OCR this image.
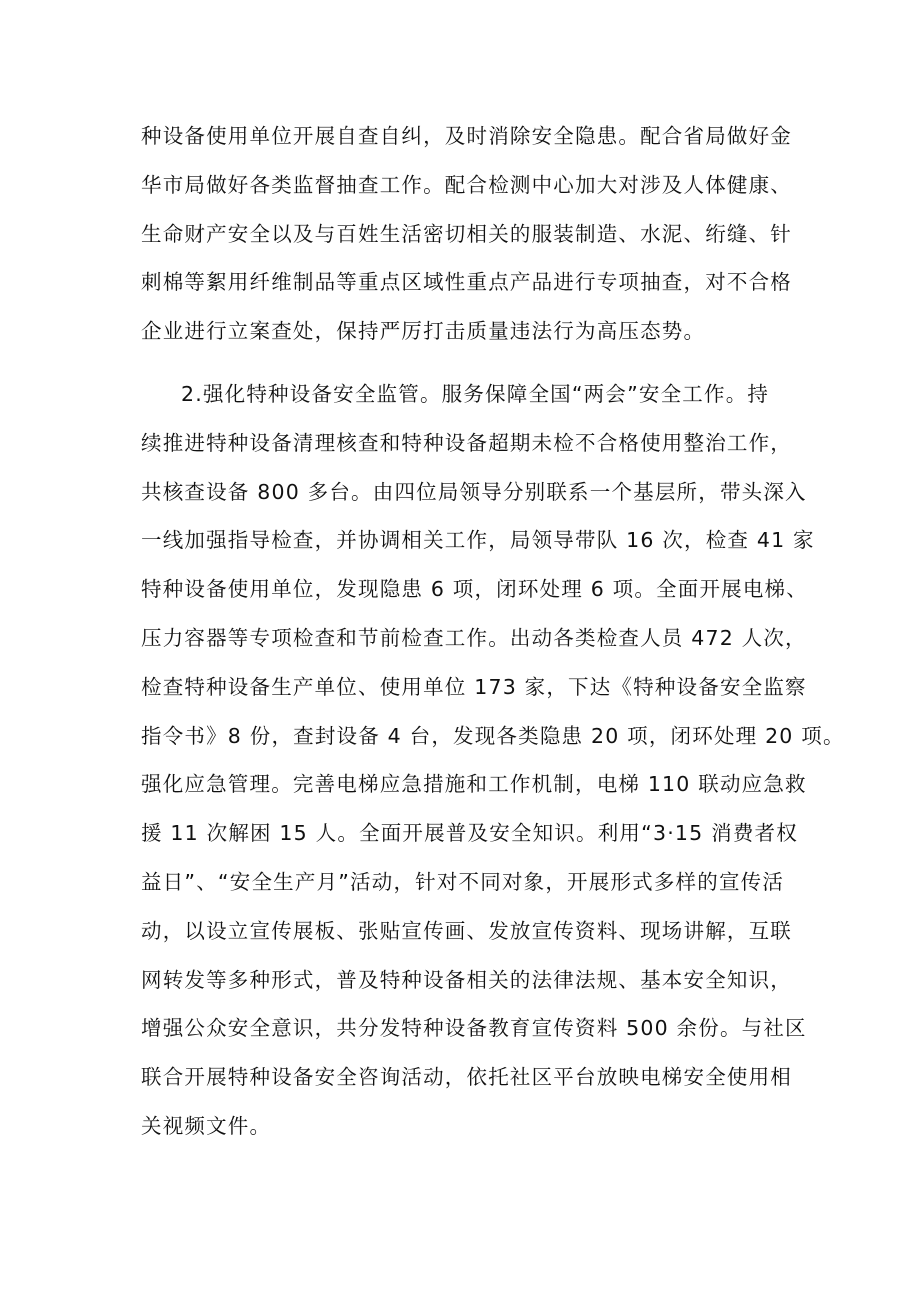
种设备使用单位开展自查自纠，及时消除安全隐患。配合省局做好金
华市局做好各类监督抽查工作。配合检测中心加大对涉及人体健康、
生命财产安全以及与百姓生活密切相关的服装制造、水泥、绗缝、针
刺棉等絮用纤维制品等重点区域性重点产品进行专项抽查，对不合格
企业进行立案查处，保持严厉打击质量违法行为高压态势。
2.强化特种设备安全监管。服务保障全国“两会”安全工作。持
续推进特种设备清理核查和特种设备超期未检不合格使用整治工作，
共核查设备 800 多台。由四位局领导分别联系一个基层所，带头深入
一线加强指导检查，并协调相关工作，局领导带队 16 次，检查 41 家
特种设备使用单位，发现隐患 6 项，闭环处理 6 项。全面开展电梯、
压力容器等专项检查和节前检查工作。出动各类检查人员 472 人次，
检查特种设备生产单位、使用单位 173 家，下达《特种设备安全监察
指令书》8 份，查封设备 4 台，发现各类隐患 20 项，闭环处理 20 项。
强化应急管理。完善电梯应急措施和工作机制，电梯 110 联动应急救
援 11 次解困 15 人。全面开展普及安全知识。利用“3·15 消费者权
益日”、“安全生产月”活动，针对不同对象，开展形式多样的宣传活
动，以设立宣传展板、张贴宣传画、发放宣传资料、现场讲解，互联
网转发等多种形式，普及特种设备相关的法律法规、基本安全知识，
增强公众安全意识，共分发特种设备教育宣传资料 500 余份。与社区
联合开展特种设备安全咨询活动，依托社区平台放映电梯安全使用相
关视频文件。
